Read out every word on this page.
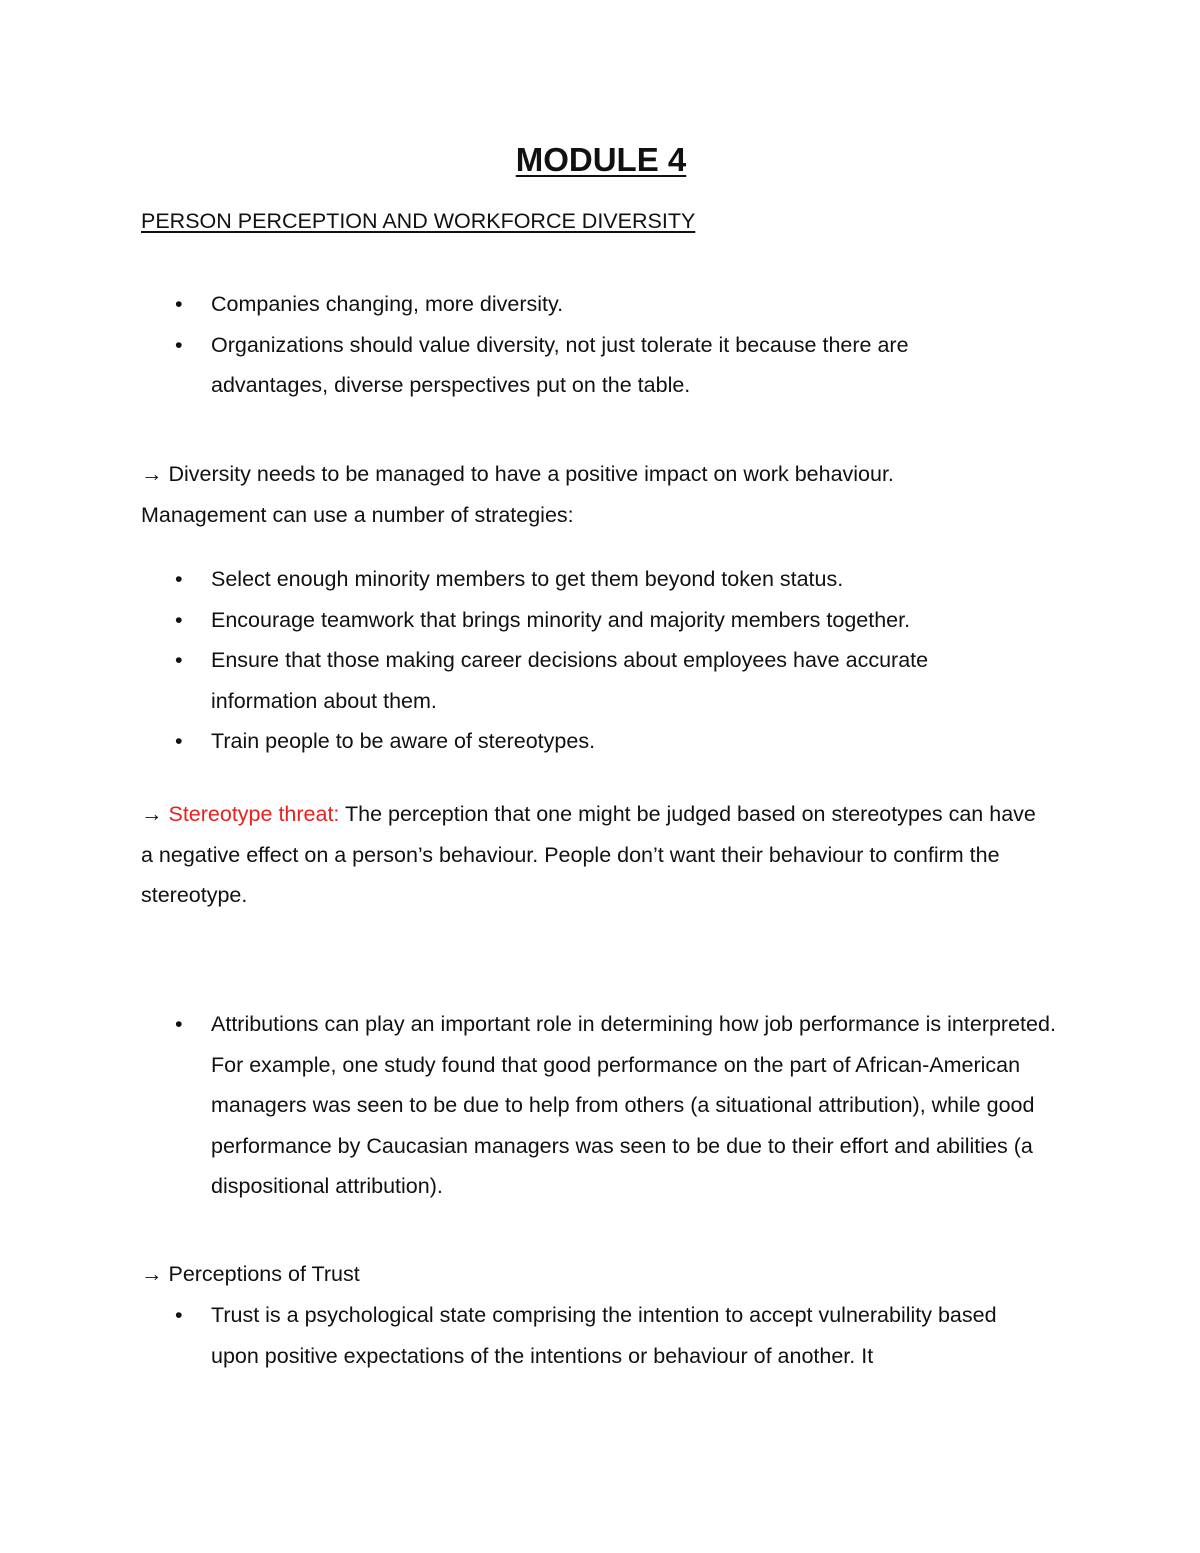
MODULE 4
PERSON PERCEPTION AND WORKFORCE DIVERSITY
• Companies changing, more diversity.
• Organizations should value diversity, not just tolerate it because there are advantages, diverse perspectives put on the table.

→ Diversity needs to be managed to have a positive impact on work behaviour.

Management can use a number of strategies:

• Select enough minority members to get them beyond token status.
• Encourage teamwork that brings minority and majority members together.
• Ensure that those making career decisions about employees have accurate information about them.
• Train people to be aware of stereotypes.

→ Stereotype threat: The perception that one might be judged based on stereotypes can have a negative effect on a person’s behaviour. People don’t want their behaviour to confirm the stereotype.

• Attributions can play an important role in determining how job performance is interpreted. For example, one study found that good performance on the part of African-American managers was seen to be due to help from others (a situational attribution), while good performance by Caucasian managers was seen to be due to their effort and abilities (a dispositional attribution).
→ Perceptions of Trust
• Trust is a psychological state comprising the intention to accept vulnerability based upon positive expectations of the intentions or behaviour of another. It
